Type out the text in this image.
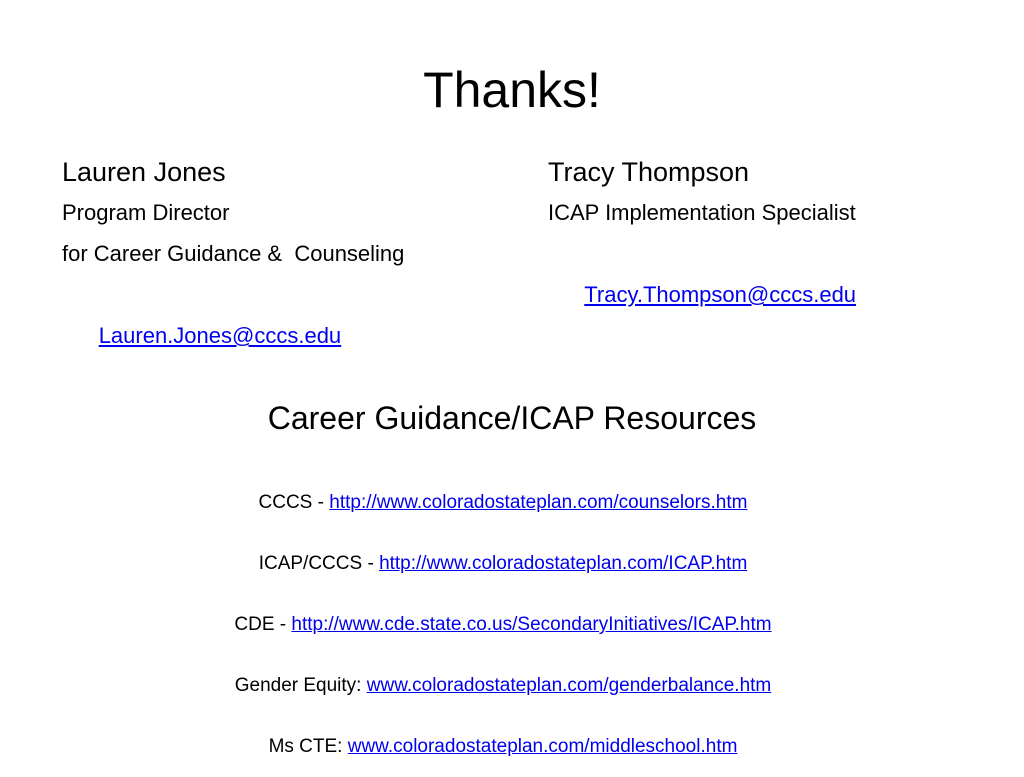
Thanks!
Lauren Jones
Program Director
for Career Guidance &  Counseling

Lauren.Jones@cccs.edu

Tracy Thompson
ICAP Implementation Specialist

Tracy.Thompson@cccs.edu

Career Guidance/ICAP Resources
CCCS - http://www.coloradostateplan.com/counselors.htm
ICAP/CCCS - http://www.coloradostateplan.com/ICAP.htm
CDE - http://www.cde.state.co.us/SecondaryInitiatives/ICAP.htm
Gender Equity: www.coloradostateplan.com/genderbalance.htm
Ms CTE: www.coloradostateplan.com/middleschool.htm
